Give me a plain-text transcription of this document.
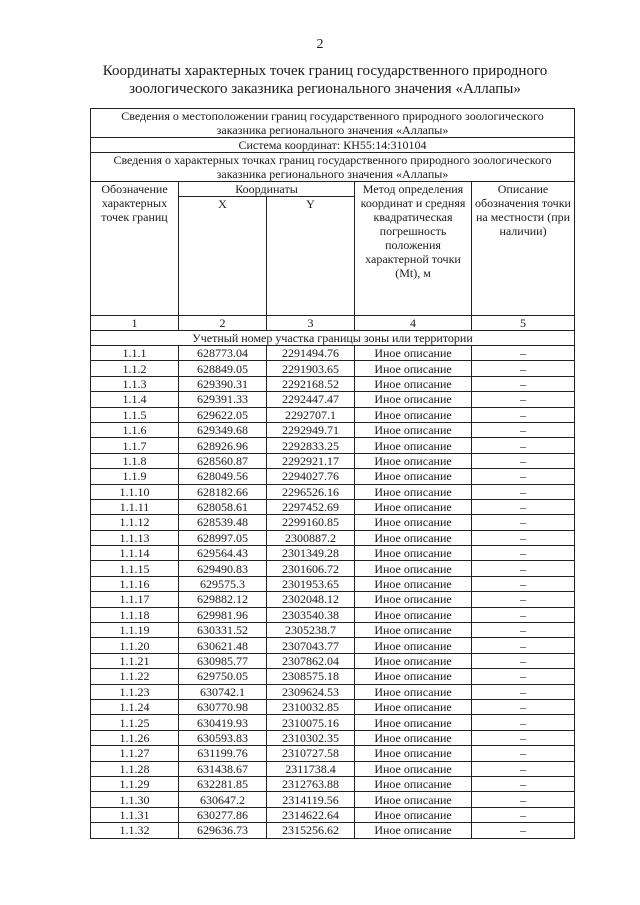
2
Координаты характерных точек границ государственного природного
зоологического заказника регионального значения «Аллапы»
Сведения о местоположении границ государственного природного зоологического
заказника регионального значения «Аллапы»				

Система координат: КН55:14:310104				

Сведения о характерных точках границ государственного природного зоологического
заказника регионального значения «Аллапы»				

Обозначение характерных точек границ	Координаты		Метод определения координат и средняя квадратическая погрешность положения характерной точки (Mt), м	Описание обозначения точки на местности (при наличии)
	X	Y		
1	2	3	4	5
Учетный номер участка границы зоны или территории				
1.1.1	628773.04	2291494.76	Иное описание	–
1.1.2	628849.05	2291903.65	Иное описание	–
1.1.3	629390.31	2292168.52	Иное описание	–
1.1.4	629391.33	2292447.47	Иное описание	–
1.1.5	629622.05	2292707.1	Иное описание	–
1.1.6	629349.68	2292949.71	Иное описание	–
1.1.7	628926.96	2292833.25	Иное описание	–
1.1.8	628560.87	2292921.17	Иное описание	–
1.1.9	628049.56	2294027.76	Иное описание	–
1.1.10	628182.66	2296526.16	Иное описание	–
1.1.11	628058.61	2297452.69	Иное описание	–
1.1.12	628539.48	2299160.85	Иное описание	–
1.1.13	628997.05	2300887.2	Иное описание	–
1.1.14	629564.43	2301349.28	Иное описание	–
1.1.15	629490.83	2301606.72	Иное описание	–
1.1.16	629575.3	2301953.65	Иное описание	–
1.1.17	629882.12	2302048.12	Иное описание	–
1.1.18	629981.96	2303540.38	Иное описание	–
1.1.19	630331.52	2305238.7	Иное описание	–
1.1.20	630621.48	2307043.77	Иное описание	–
1.1.21	630985.77	2307862.04	Иное описание	–
1.1.22	629750.05	2308575.18	Иное описание	–
1.1.23	630742.1	2309624.53	Иное описание	–
1.1.24	630770.98	2310032.85	Иное описание	–
1.1.25	630419.93	2310075.16	Иное описание	–
1.1.26	630593.83	2310302.35	Иное описание	–
1.1.27	631199.76	2310727.58	Иное описание	–
1.1.28	631438.67	2311738.4	Иное описание	–
1.1.29	632281.85	2312763.88	Иное описание	–
1.1.30	630647.2	2314119.56	Иное описание	–
1.1.31	630277.86	2314622.64	Иное описание	–
1.1.32	629636.73	2315256.62	Иное описание	–
